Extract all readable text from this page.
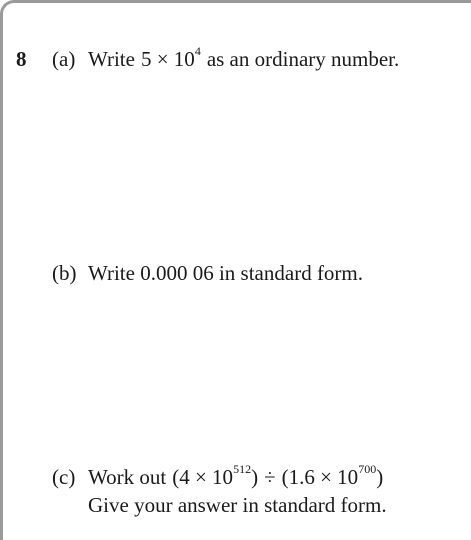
8 (a) Write $5 \times 10^4$ as an ordinary number.
(b) Write 0.000 06 in standard form.
(c) Work out $(4 \times 10^{512}) \div (1.6 \times 10^{700})$
Give your answer in standard form.
